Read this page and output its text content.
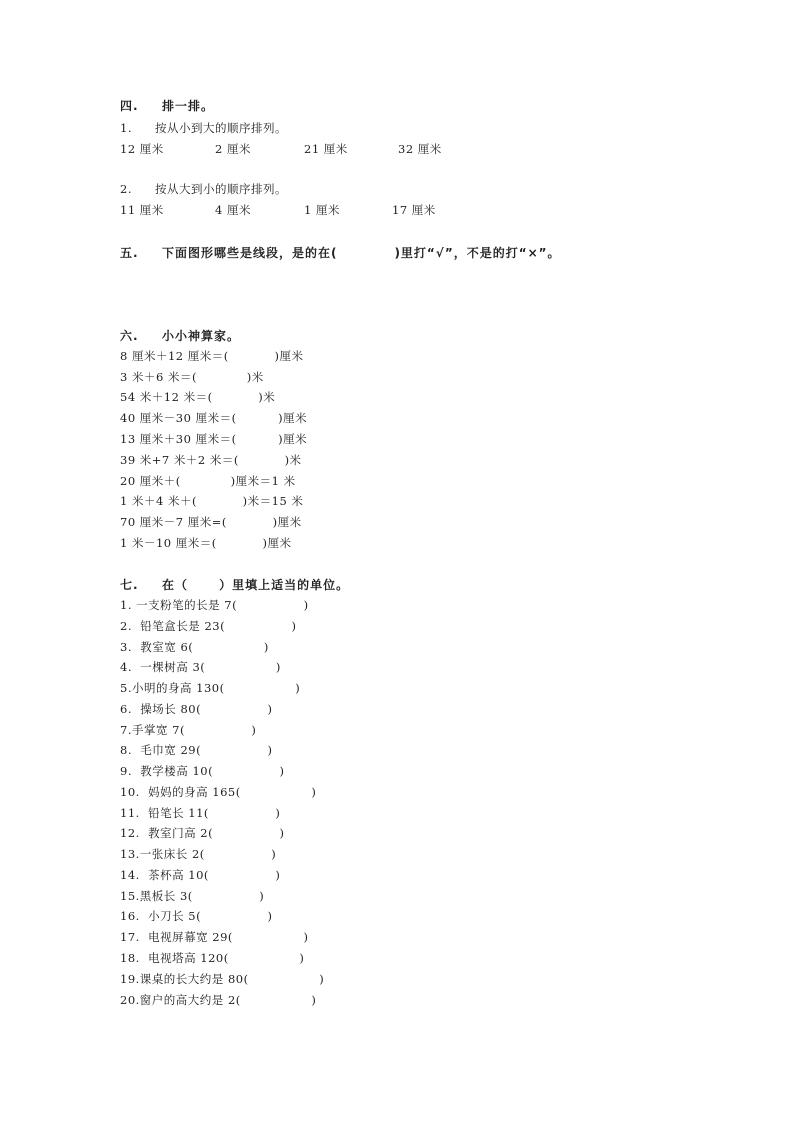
四. 排一排。
1. 按从小到大的顺序排列。
12 厘米	2 厘米	21 厘米	32 厘米
2. 按从大到小的顺序排列。
11 厘米	4 厘米	1 厘米	17 厘米
五. 下面图形哪些是线段，是的在(           )里打“√”，不是的打“×”。
六. 小小神算家。
8 厘米＋12 厘米＝(           )厘米
3 米＋6 米＝(            )米
54 米＋12 米＝(           )米
40 厘米－30 厘米＝(          )厘米
13 厘米＋30 厘米＝(          )厘米
39 米+7 米＋2 米＝(           )米
20 厘米＋(            )厘米＝1 米
1 米＋4 米＋(           )米＝15 米
70 厘米－7 厘米=(           )厘米
1 米－10 厘米＝(           )厘米
七. 在（      ）里填上适当的单位。
1. 一支粉笔的长是 7(                )
2.  铅笔盒长是 23(                )
3.  教室宽 6(                 )
4.  一棵树高 3(                 )
5.小明的身高 130(                 )
6.  操场长 80(                )
7.手掌宽 7(                )
8.  毛巾宽 29(                )
9.  教学楼高 10(                )
10.  妈妈的身高 165(                 )
11.  铅笔长 11(                )
12.  教室门高 2(                )
13.一张床长 2(                )
14.  茶杯高 10(                )
15.黑板长 3(                )
16.  小刀长 5(                )
17.  电视屏幕宽 29(                 )
18.  电视塔高 120(                 )
19.课桌的长大约是 80(                 )
20.窗户的高大约是 2(                 )
